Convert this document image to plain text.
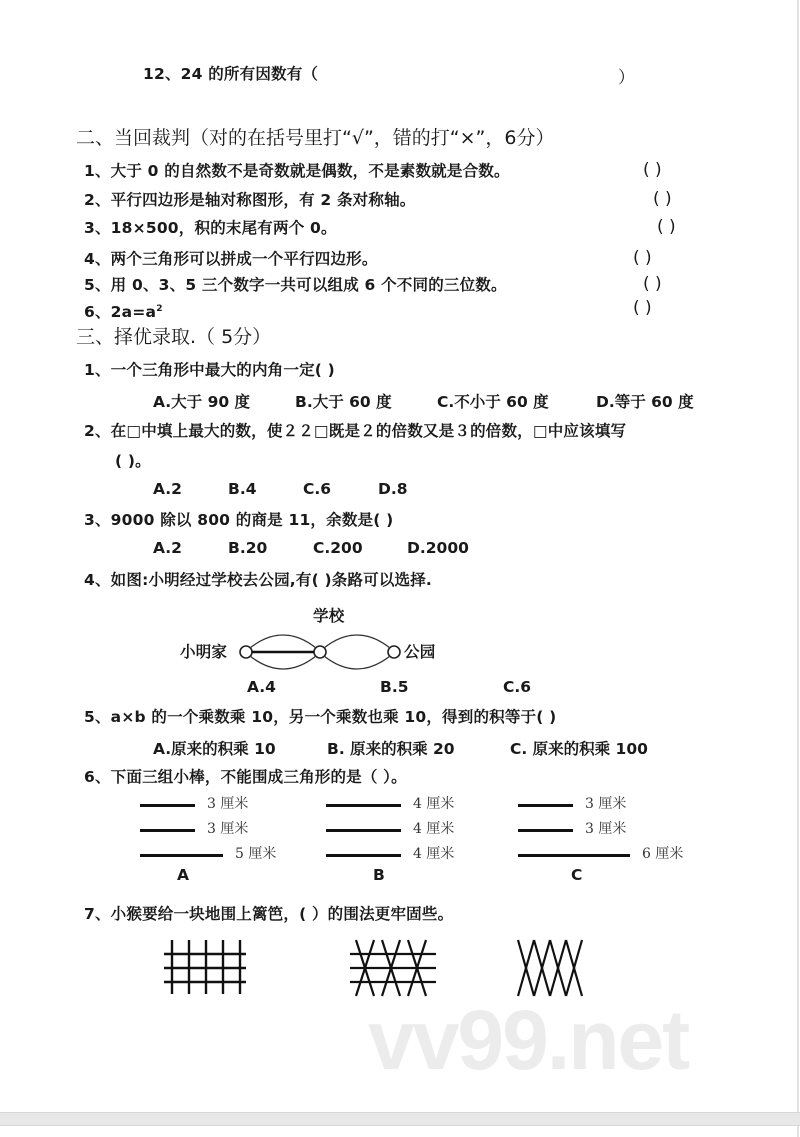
12、24 的所有因数有（	）
二、当回裁判（对的在括号里打“√”，错的打“×”，6分）
1、大于 0 的自然数不是奇数就是偶数，不是素数就是合数。	( )
2、平行四边形是轴对称图形，有 2 条对称轴。	( )
3、18×500，积的末尾有两个 0。	( )
4、两个三角形可以拼成一个平行四边形。	( )
5、用 0、3、5 三个数字一共可以组成 6 个不同的三位数。	( )
6、$2a=a^2$	( )
三、择优录取.（ 5分）
1、一个三角形中最大的内角一定( )
A.大于 90 度	B.大于 60 度	C.不小于 60 度	D.等于 60 度
2、在□中填上最大的数，使２２□既是２的倍数又是３的倍数，□中应该填写
( )。
A.2	B.4	C.6	D.8
3、9000 除以 800 的商是 11，余数是( )
A.2	B.20	C.200	D.2000
4、如图:小明经过学校去公园,有( )条路可以选择.
学校
小明家	公园
A.4	B.5	C.6
5、a×b 的一个乘数乘 10，另一个乘数也乘 10，得到的积等于( )
A.原来的积乘 10	B. 原来的积乘 20	C. 原来的积乘 100
6、下面三组小棒，不能围成三角形的是（ ）。
3 厘米
3 厘米
5 厘米
A
4 厘米
4 厘米
4 厘米
B
3 厘米
3 厘米
6 厘米
C
7、小猴要给一块地围上篱笆，( ）的围法更牢固些。
vv99.net
